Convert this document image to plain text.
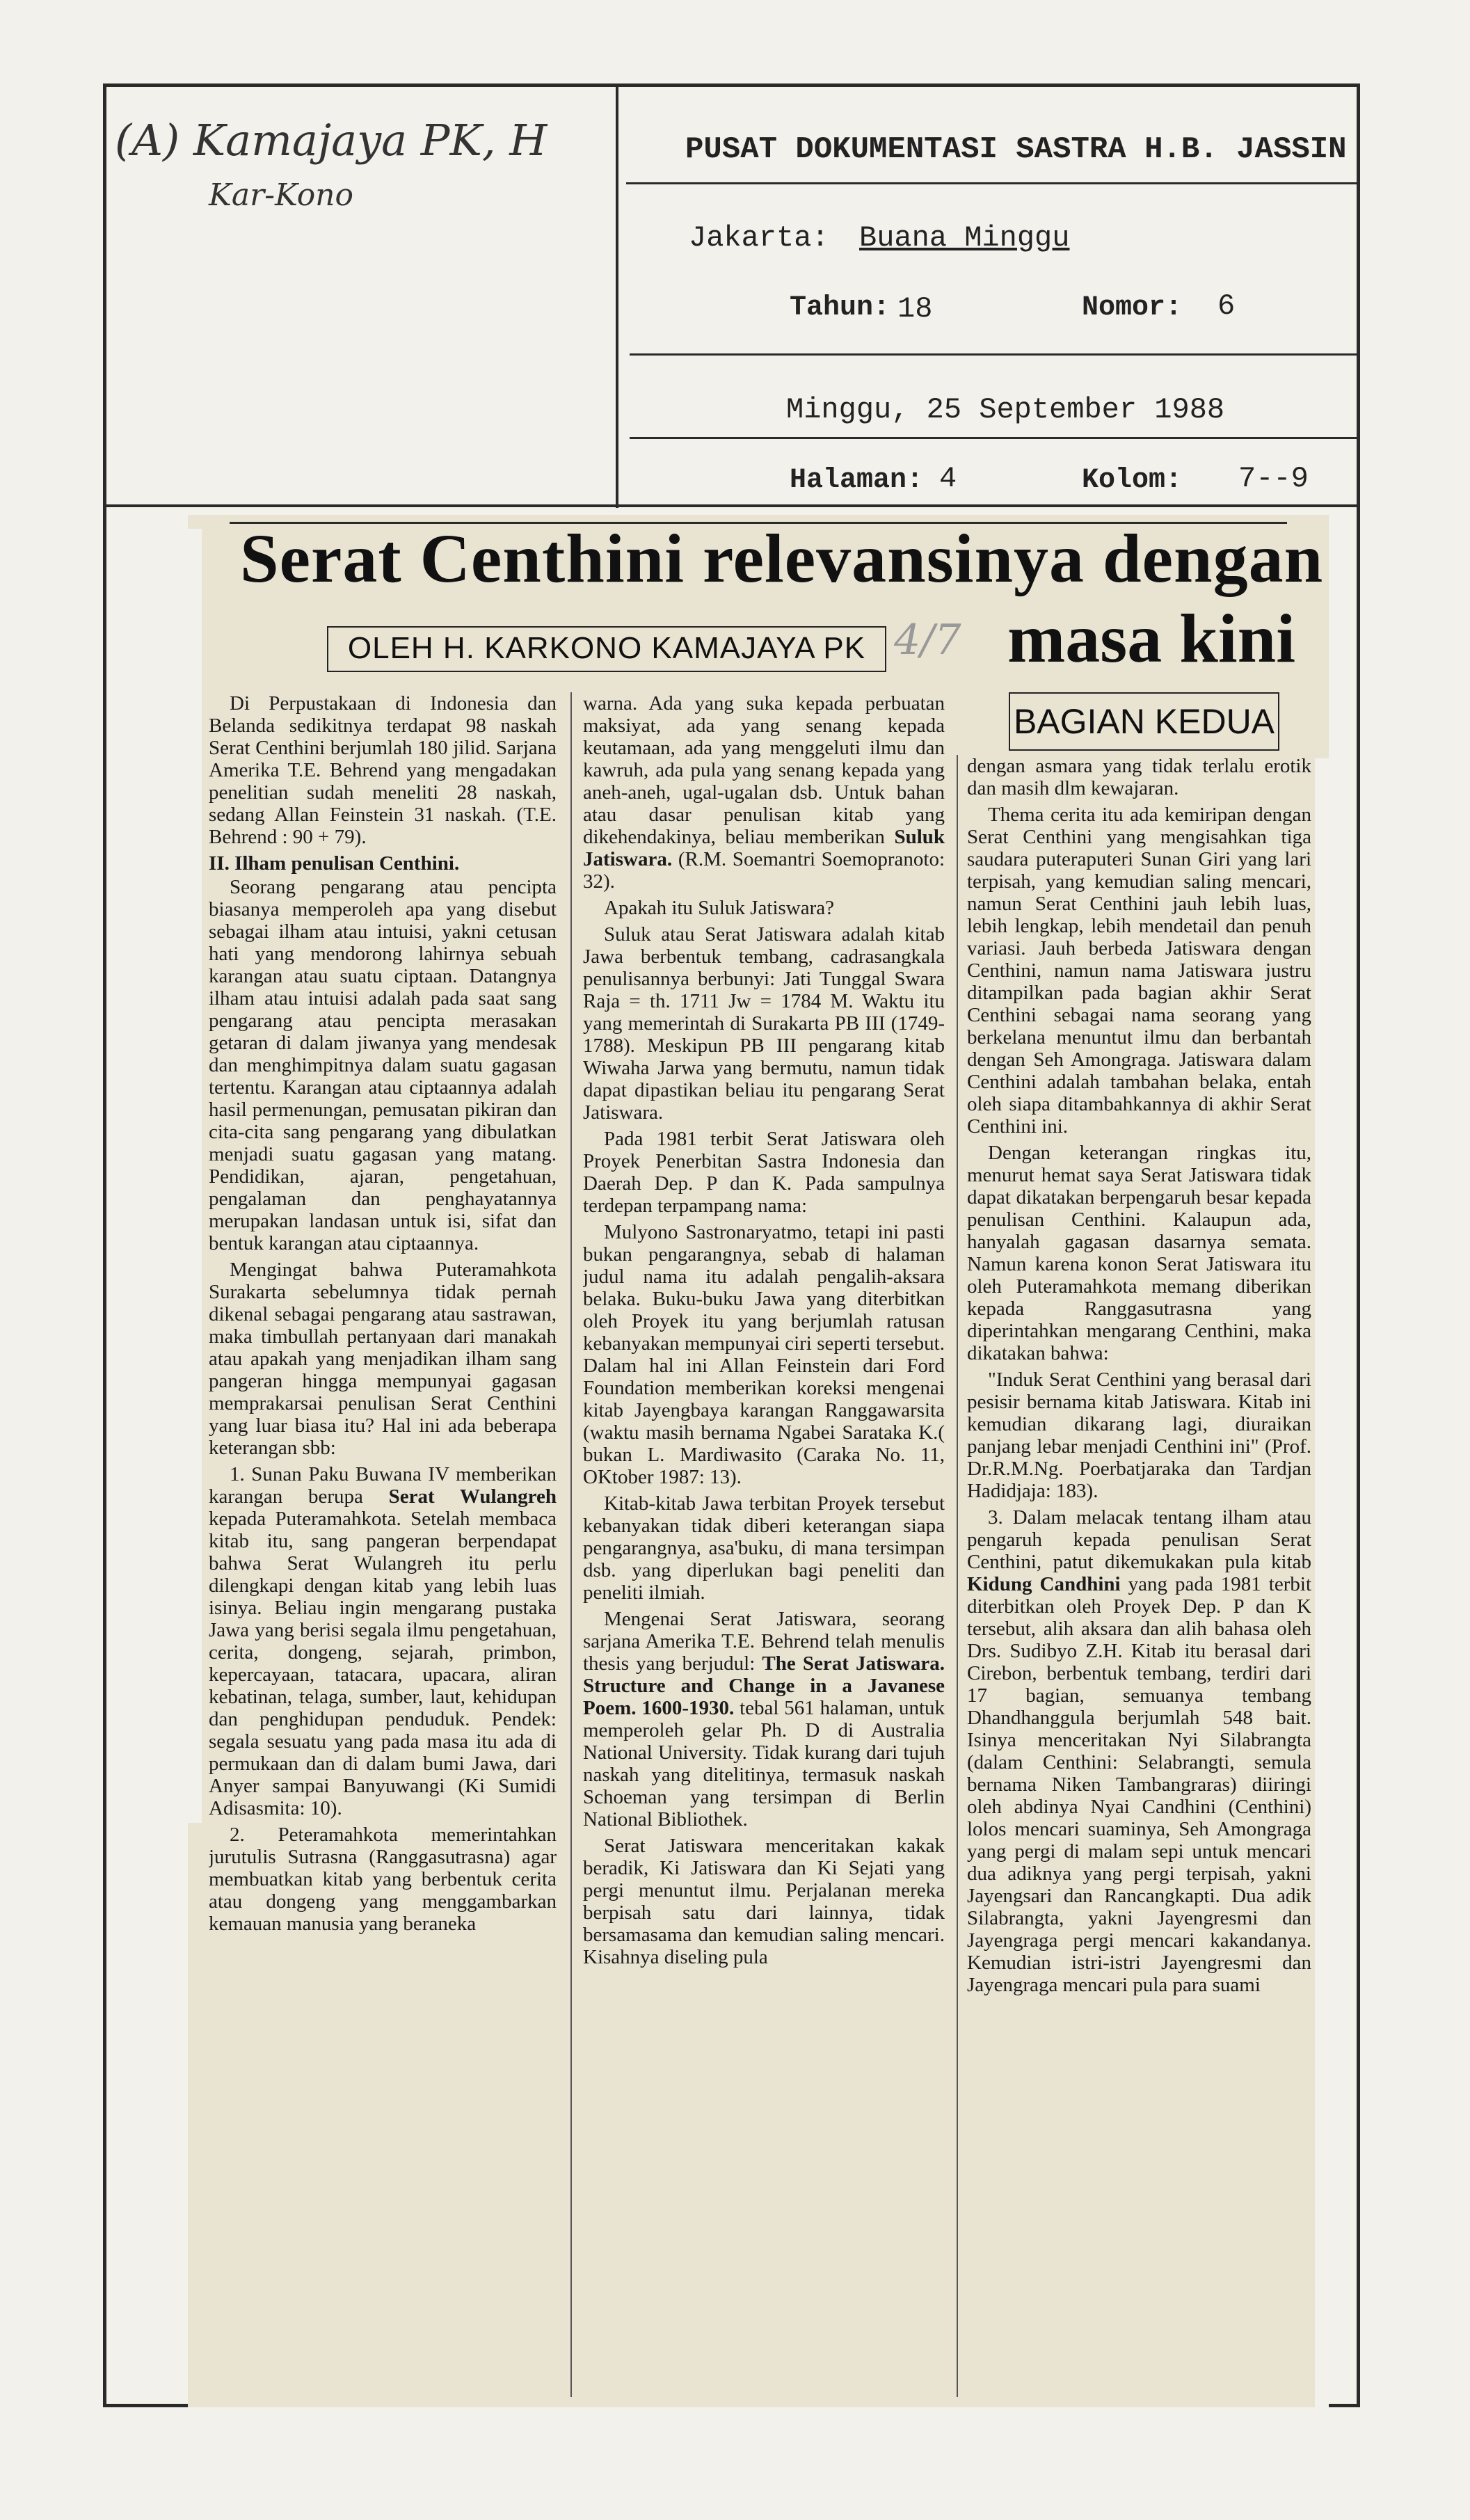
(A) Kamajaya PK, H
Kar-Kono
PUSAT DOKUMENTASI SASTRA H.B. JASSIN
Jakarta: Buana Minggu
Tahun: 18	Nomor: 6
Minggu, 25 September 1988
Halaman: 4	Kolom: 7--9
Serat Centhini relevansinya dengan
masa kini
OLEH H. KARKONO KAMAJAYA PK 4/7
BAGIAN KEDUA

Di Perpustakaan di Indonesia dan Belanda sedikitnya terdapat 98 naskah Serat Centhini berjumlah 180 jilid. Sarjana Amerika T.E. Behrend yang mengadakan penelitian sudah meneliti 28 naskah, sedang Allan Feinstein 31 naskah. (T.E. Behrend : 90 + 79).

II. Ilham penulisan Centhini.

Seorang pengarang atau pencipta biasanya memperoleh apa yang disebut sebagai ilham atau intuisi, yakni cetusan hati yang mendorong lahirnya sebuah karangan atau suatu ciptaan. Datangnya ilham atau intuisi adalah pada saat sang pengarang atau pencipta merasakan getaran di dalam jiwanya yang mendesak dan menghimpitnya dalam suatu gagasan tertentu. Karangan atau ciptaannya adalah hasil permenungan, pemusatan pikiran dan cita-cita sang pengarang yang dibulatkan menjadi suatu gagasan yang matang. Pendidikan, ajaran, pengetahuan, pengalaman dan penghayatannya merupakan landasan untuk isi, sifat dan bentuk karangan atau ciptaannya.

Mengingat bahwa Puteramahkota Surakarta sebelumnya tidak pernah dikenal sebagai pengarang atau sastrawan, maka timbullah pertanyaan dari manakah atau apakah yang menjadikan ilham sang pangeran hingga mempunyai gagasan memprakarsai penulisan Serat Centhini yang luar biasa itu? Hal ini ada beberapa keterangan sbb:

1. Sunan Paku Buwana IV memberikan karangan berupa Serat Wulangreh kepada Puteramahkota. Setelah membaca kitab itu, sang pangeran berpendapat bahwa Serat Wulangreh itu perlu dilengkapi dengan kitab yang lebih luas isinya. Beliau ingin mengarang pustaka Jawa yang berisi segala ilmu pengetahuan, cerita, dongeng, sejarah, primbon, kepercayaan, tatacara, upacara, aliran kebatinan, telaga, sumber, laut, kehidupan dan penghidupan penduduk. Pendek: segala sesuatu yang pada masa itu ada di permukaan dan di dalam bumi Jawa, dari Anyer sampai Banyuwangi (Ki Sumidi Adisasmita: 10).

2. Peteramahkota memerintahkan jurutulis Sutrasna (Ranggasutrasna) agar membuatkan kitab yang berbentuk cerita atau dongeng yang menggambarkan kemauan manusia yang beraneka

warna. Ada yang suka kepada perbuatan maksiyat, ada yang senang kepada keutamaan, ada yang menggeluti ilmu dan kawruh, ada pula yang senang kepada yang aneh-aneh, ugal-ugalan dsb. Untuk bahan atau dasar penulisan kitab yang dikehendakinya, beliau memberikan Suluk Jatiswara. (R.M. Soemantri Soemopranoto: 32).

Apakah itu Suluk Jatiswara?

Suluk atau Serat Jatiswara adalah kitab Jawa berbentuk tembang, cadrasangkala penulisannya berbunyi: Jati Tunggal Swara Raja = th. 1711 Jw = 1784 M. Waktu itu yang memerintah di Surakarta PB III (1749-1788). Meskipun PB III pengarang kitab Wiwaha Jarwa yang bermutu, namun tidak dapat dipastikan beliau itu pengarang Serat Jatiswara.

Pada 1981 terbit Serat Jatiswara oleh Proyek Penerbitan Sastra Indonesia dan Daerah Dep. P dan K. Pada sampulnya terdepan terpampang nama:

Mulyono Sastronaryatmo, tetapi ini pasti bukan pengarangnya, sebab di halaman judul nama itu adalah pengalih-aksara belaka. Buku-buku Jawa yang diterbitkan oleh Proyek itu yang berjumlah ratusan kebanyakan mempunyai ciri seperti tersebut. Dalam hal ini Allan Feinstein dari Ford Foundation memberikan koreksi mengenai kitab Jayengbaya karangan Ranggawarsita (waktu masih bernama Ngabei Sarataka K.( bukan L. Mardiwasito (Caraka No. 11, OKtober 1987: 13).

Kitab-kitab Jawa terbitan Proyek tersebut kebanyakan tidak diberi keterangan siapa pengarangnya, asa'buku, di mana tersimpan dsb. yang diperlukan bagi peneliti dan peneliti ilmiah.

Mengenai Serat Jatiswara, seorang sarjana Amerika T.E. Behrend telah menulis thesis yang berjudul: The Serat Jatiswara. Structure and Change in a Javanese Poem. 1600-1930. tebal 561 halaman, untuk memperoleh gelar Ph. D di Australia National University. Tidak kurang dari tujuh naskah yang ditelitinya, termasuk naskah Schoeman yang tersimpan di Berlin National Bibliothek.

Serat Jatiswara menceritakan kakak beradik, Ki Jatiswara dan Ki Sejati yang pergi menuntut ilmu. Perjalanan mereka berpisah satu dari lainnya, tidak bersamasama dan kemudian saling mencari. Kisahnya diseling pula

dengan asmara yang tidak terlalu erotik dan masih dlm kewajaran.

Thema cerita itu ada kemiripan dengan Serat Centhini yang mengisahkan tiga saudara puteraputeri Sunan Giri yang lari terpisah, yang kemudian saling mencari, namun Serat Centhini jauh lebih luas, lebih lengkap, lebih mendetail dan penuh variasi. Jauh berbeda Jatiswara dengan Centhini, namun nama Jatiswara justru ditampilkan pada bagian akhir Serat Centhini sebagai nama seorang yang berkelana menuntut ilmu dan berbantah dengan Seh Amongraga. Jatiswara dalam Centhini adalah tambahan belaka, entah oleh siapa ditambahkannya di akhir Serat Centhini ini.

Dengan keterangan ringkas itu, menurut hemat saya Serat Jatiswara tidak dapat dikatakan berpengaruh besar kepada penulisan Centhini. Kalaupun ada, hanyalah gagasan dasarnya semata. Namun karena konon Serat Jatiswara itu oleh Puteramahkota memang diberikan kepada Ranggasutrasna yang diperintahkan mengarang Centhini, maka dikatakan bahwa:

"Induk Serat Centhini yang berasal dari pesisir bernama kitab Jatiswara. Kitab ini kemudian dikarang lagi, diuraikan panjang lebar menjadi Centhini ini" (Prof. Dr.R.M.Ng. Poerbatjaraka dan Tardjan Hadidjaja: 183).

3. Dalam melacak tentang ilham atau pengaruh kepada penulisan Serat Centhini, patut dikemukakan pula kitab Kidung Candhini yang pada 1981 terbit diterbitkan oleh Proyek Dep. P dan K tersebut, alih aksara dan alih bahasa oleh Drs. Sudibyo Z.H. Kitab itu berasal dari Cirebon, berbentuk tembang, terdiri dari 17 bagian, semuanya tembang Dhandhanggula berjumlah 548 bait. Isinya menceritakan Nyi Silabrangta (dalam Centhini: Selabrangti, semula bernama Niken Tambangraras) diiringi oleh abdinya Nyai Candhini (Centhini) lolos mencari suaminya, Seh Amongraga yang pergi di malam sepi untuk mencari dua adiknya yang pergi terpisah, yakni Jayengsari dan Rancangkapti. Dua adik Silabrangta, yakni Jayengresmi dan Jayengraga pergi mencari kakandanya. Kemudian istri-istri Jayengresmi dan Jayengraga mencari pula para suami
